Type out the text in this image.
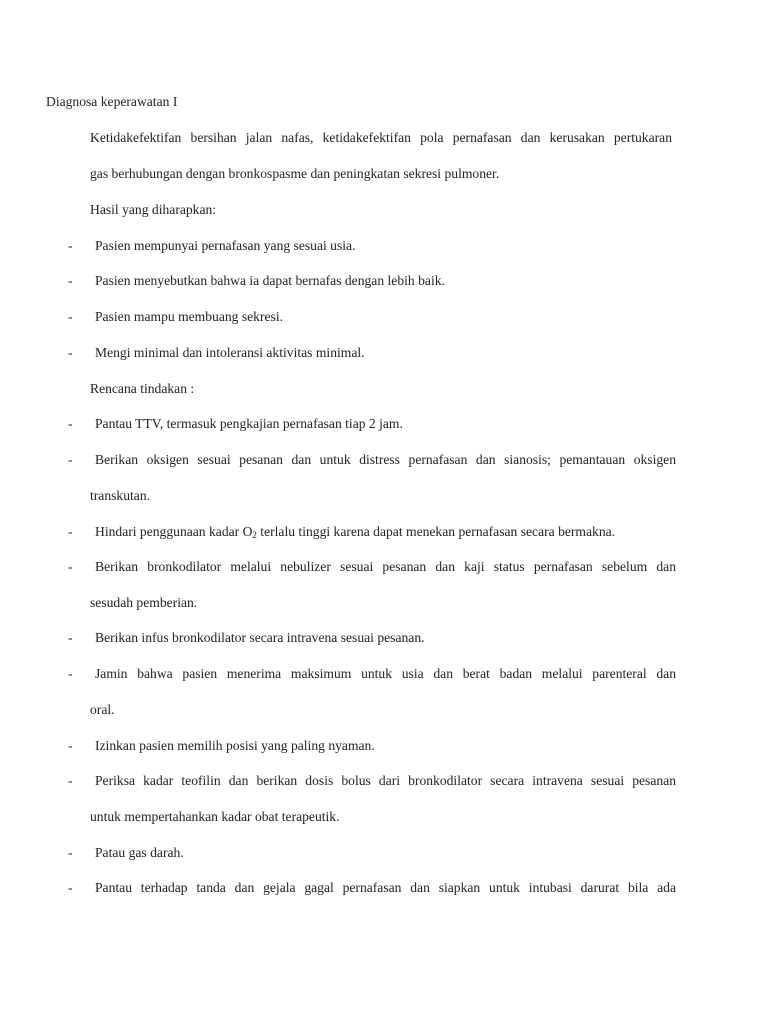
Diagnosa keperawatan I
Ketidakefektifan bersihan jalan nafas, ketidakefektifan pola pernafasan dan kerusakan pertukaran
gas berhubungan dengan bronkospasme dan peningkatan sekresi pulmoner.
Hasil yang diharapkan:
- Pasien mempunyai pernafasan yang sesuai usia.
- Pasien menyebutkan bahwa ia dapat bernafas dengan lebih baik.
- Pasien mampu membuang sekresi.
- Mengi minimal dan intoleransi aktivitas minimal.
Rencana tindakan :
- Pantau TTV, termasuk pengkajian pernafasan tiap 2 jam.
- Berikan oksigen sesuai pesanan dan untuk distress pernafasan dan sianosis; pemantauan oksigen
transkutan.
- Hindari penggunaan kadar $O_2$ terlalu tinggi karena dapat menekan pernafasan secara bermakna.
- Berikan bronkodilator melalui nebulizer sesuai pesanan dan kaji status pernafasan sebelum dan
sesudah pemberian.
- Berikan infus bronkodilator secara intravena sesuai pesanan.
- Jamin bahwa pasien menerima maksimum untuk usia dan berat badan melalui parenteral dan
oral.
- Izinkan pasien memilih posisi yang paling nyaman.
- Periksa kadar teofilin dan berikan dosis bolus dari bronkodilator secara intravena sesuai pesanan
untuk mempertahankan kadar obat terapeutik.
- Patau gas darah.
- Pantau terhadap tanda dan gejala gagal pernafasan dan siapkan untuk intubasi darurat bila ada
